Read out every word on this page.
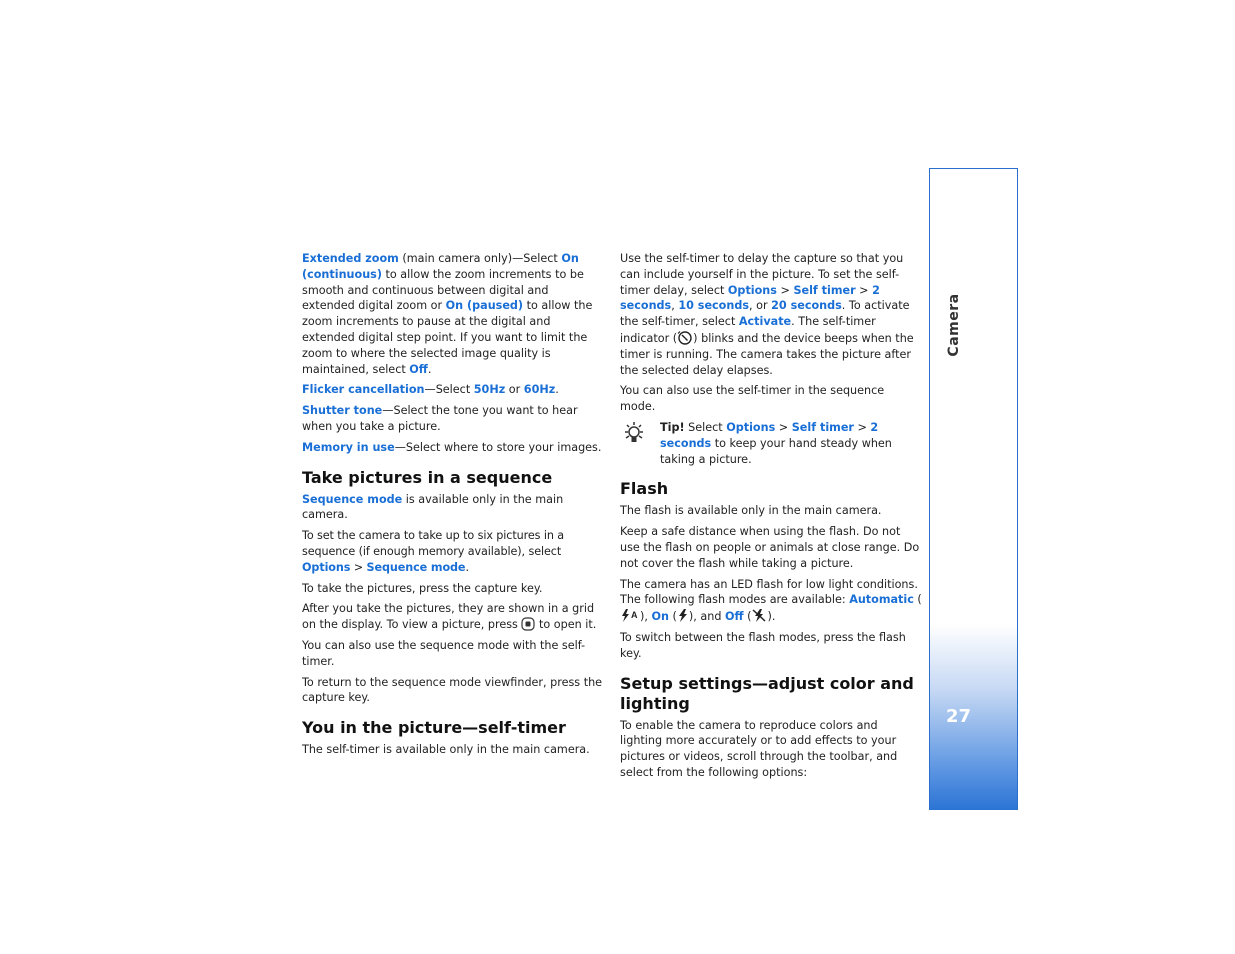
Extended zoom (main camera only)—Select On (continuous) to allow the zoom increments to be smooth and continuous between digital and extended digital zoom or On (paused) to allow the zoom increments to pause at the digital and extended digital step point. If you want to limit the zoom to where the selected image quality is maintained, select Off.

Flicker cancellation—Select 50Hz or 60Hz.

Shutter tone—Select the tone you want to hear when you take a picture.

Memory in use—Select where to store your images.

Take pictures in a sequence

Sequence mode is available only in the main camera.

To set the camera to take up to six pictures in a sequence (if enough memory available), select Options > Sequence mode.

To take the pictures, press the capture key.

After you take the pictures, they are shown in a grid on the display. To view a picture, press  to open it.

You can also use the sequence mode with the self-timer.

To return to the sequence mode viewfinder, press the capture key.

You in the picture—self-timer

The self-timer is available only in the main camera.

Use the self-timer to delay the capture so that you can include yourself in the picture. To set the self-timer delay, select Options > Self timer > 2 seconds, 10 seconds, or 20 seconds. To activate the self-timer, select Activate. The self-timer indicator ( ) blinks and the device beeps when the timer is running. The camera takes the picture after the selected delay elapses.

You can also use the self-timer in the sequence mode.

Tip! Select Options > Self timer > 2 seconds to keep your hand steady when taking a picture.
Flash

The flash is available only in the main camera.

Keep a safe distance when using the flash. Do not use the flash on people or animals at close range. Do not cover the flash while taking a picture.

The camera has an LED flash for low light conditions. The following flash modes are available: Automatic (
A ), On ( ), and Off ( ).

To switch between the flash modes, press the flash key.

Setup settings—adjust color and lighting

To enable the camera to reproduce colors and lighting more accurately or to add effects to your pictures or videos, scroll through the toolbar, and select from the following options:

Camera
27
